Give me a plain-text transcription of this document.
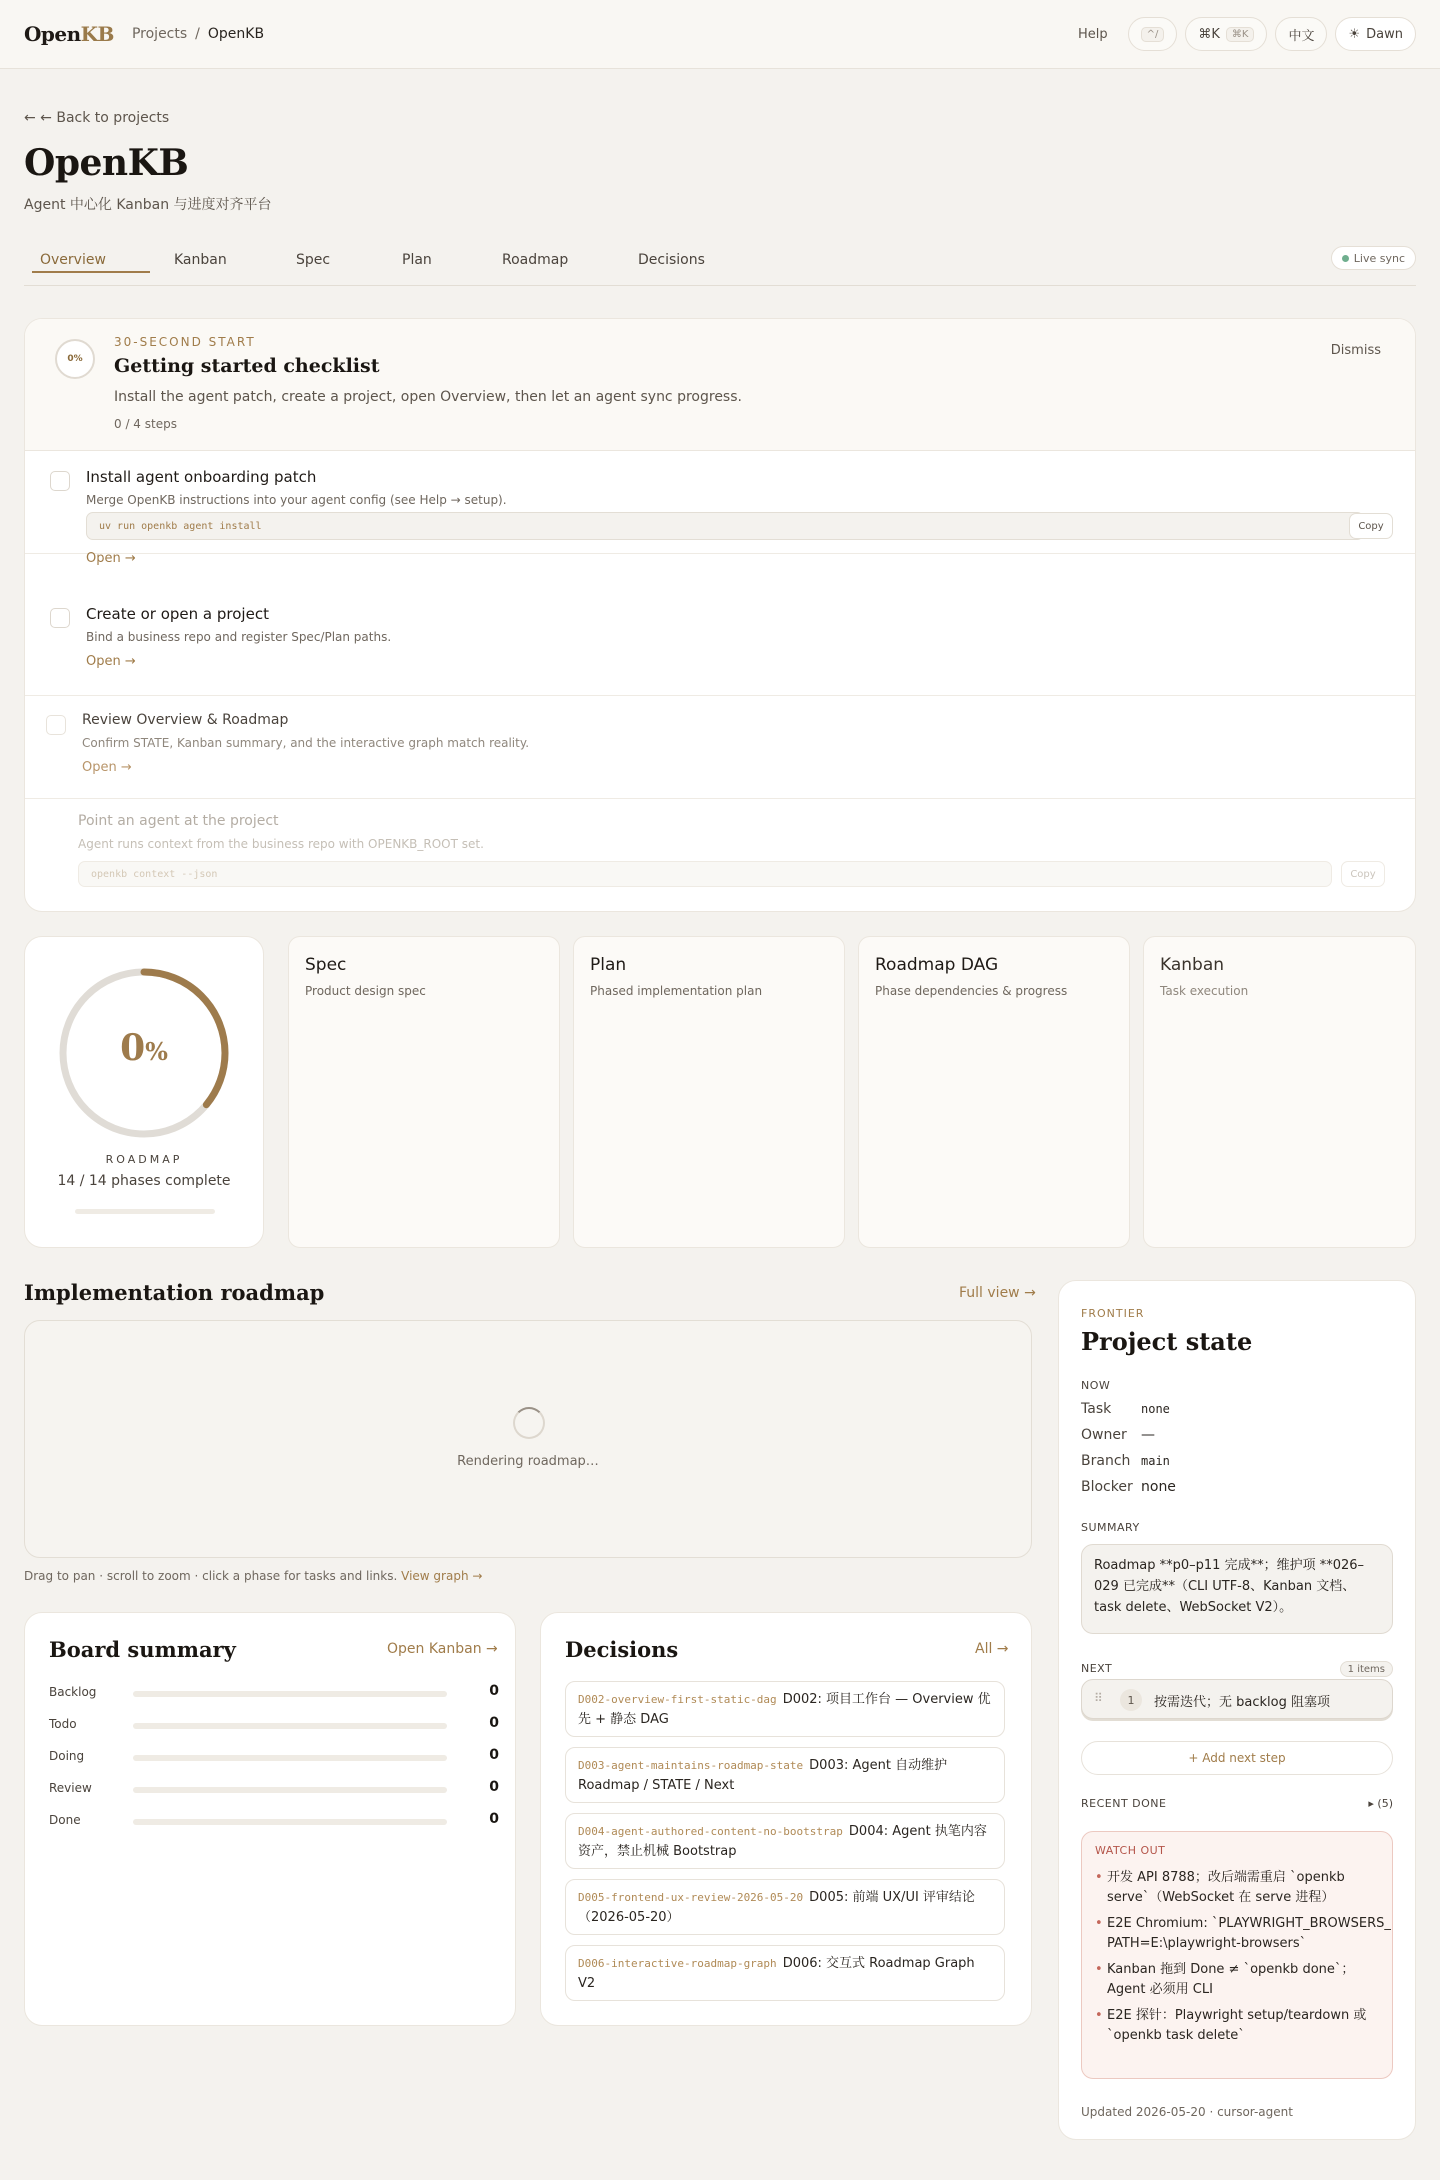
OpenKB Projects / OpenKB	Help	^/	⌘K	⌘K	中文	☀ Dawn
← ← Back to projects
OpenKB
Agent 中心化 Kanban 与进度对齐平台
Overview	Kanban	Spec	Plan	Roadmap	Decisions	Live sync
0%
30-SECOND START
Getting started checklist
Install the agent patch, create a project, open Overview, then let an agent sync progress.
0 / 4 steps
Dismiss
Install agent onboarding patch
Merge OpenKB instructions into your agent config (see Help → setup).
uv run openkb agent install	Copy
Open →
Create or open a project
Bind a business repo and register Spec/Plan paths.
Open →
Review Overview & Roadmap
Confirm STATE, Kanban summary, and the interactive graph match reality.
Open →
Point an agent at the project
Agent runs context from the business repo with OPENKB_ROOT set.
openkb context --json	Copy
0%
ROADMAP
14 / 14 phases complete
Spec
Product design spec
Plan
Phased implementation plan
Roadmap DAG
Phase dependencies & progress
Kanban
Task execution
Implementation roadmap	Full view →
Rendering roadmap…
Drag to pan · scroll to zoom · click a phase for tasks and links. View graph →
Board summary	Open Kanban →
Backlog	0
Todo	0
Doing	0
Review	0
Done	0
Decisions	All →
D002-overview-first-static-dag D002: 项目工作台 — Overview 优先 + 静态 DAG
D003-agent-maintains-roadmap-state D003: Agent 自动维护 Roadmap / STATE / Next
D004-agent-authored-content-no-bootstrap D004: Agent 执笔内容资产，禁止机械 Bootstrap
D005-frontend-ux-review-2026-05-20 D005: 前端 UX/UI 评审结论（2026-05-20）
D006-interactive-roadmap-graph D006: 交互式 Roadmap Graph V2
FRONTIER
Project state
NOW
Task none
Owner —
Branch main
Blocker none
SUMMARY
Roadmap **p0–p11 完成**；维护项 **026–029 已完成**（CLI UTF-8、Kanban 文档、task delete、WebSocket V2）。
NEXT	1 items
⠿	1	按需迭代；无 backlog 阻塞项
+ Add next step
RECENT DONE	▸ (5)
WATCH OUT
• 开发 API 8788；改后端需重启 `openkb serve`（WebSocket 在 serve 进程）
• E2E Chromium: `PLAYWRIGHT_BROWSERS_PATH=E:\playwright-browsers`
• Kanban 拖到 Done ≠ `openkb done`；Agent 必须用 CLI
• E2E 探针：Playwright setup/teardown 或 `openkb task delete`
Updated 2026-05-20 · cursor-agent
